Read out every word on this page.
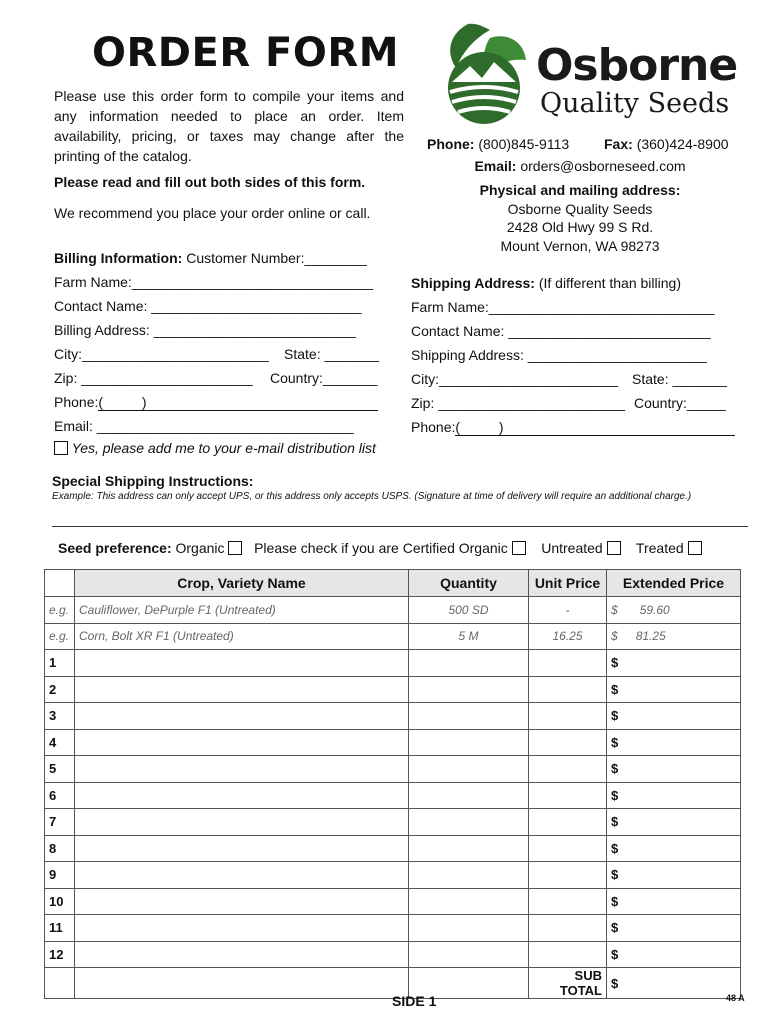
ORDER FORM
Please use this order form to compile your items and any information needed to place an order. Item availability, pricing, or taxes may change after the printing of the catalog.
Please read and fill out both sides of this form.
We recommend you place your order online or call.
Osborne
Quality Seeds
Phone: (800)845-9113 Fax: (360)424-8900
Email: orders@osborneseed.com
Physical and mailing address:
Osborne Quality Seeds
2428 Old Hwy 99 S Rd.
Mount Vernon, WA 98273
Billing Information: Customer Number:________
Farm Name:_______________________________
Contact Name: ___________________________
Billing Address: __________________________
City:________________________ State: _______
Zip: ______________________ Country:_______
Phone:(          )
Email: _________________________________
Yes, please add me to your e-mail distribution list
Shipping Address: (If different than billing)
Farm Name:_____________________________
Contact Name: __________________________
Shipping Address: _______________________
City:_______________________ State: _______
Zip: ________________________ Country:_____
Phone:(          )
Special Shipping Instructions:
Example: This address can only accept UPS, or this address only accepts USPS. (Signature at time of delivery will require an additional charge.)
Seed preference: Organic Please check if you are Certified Organic Untreated Treated
	Crop, Variety Name	Quantity	Unit Price	Extended Price
e.g.	Cauliflower, DePurple F1 (Untreated)	500 SD	-	$ 59.60
e.g.	Corn, Bolt XR F1 (Untreated)	5 M	16.25	$ 81.25
1				$
2				$
3				$
4				$
5				$
6				$
7				$
8				$
9				$
10				$
11				$
12				$
			SUB TOTAL	$
SIDE 1	48 A
